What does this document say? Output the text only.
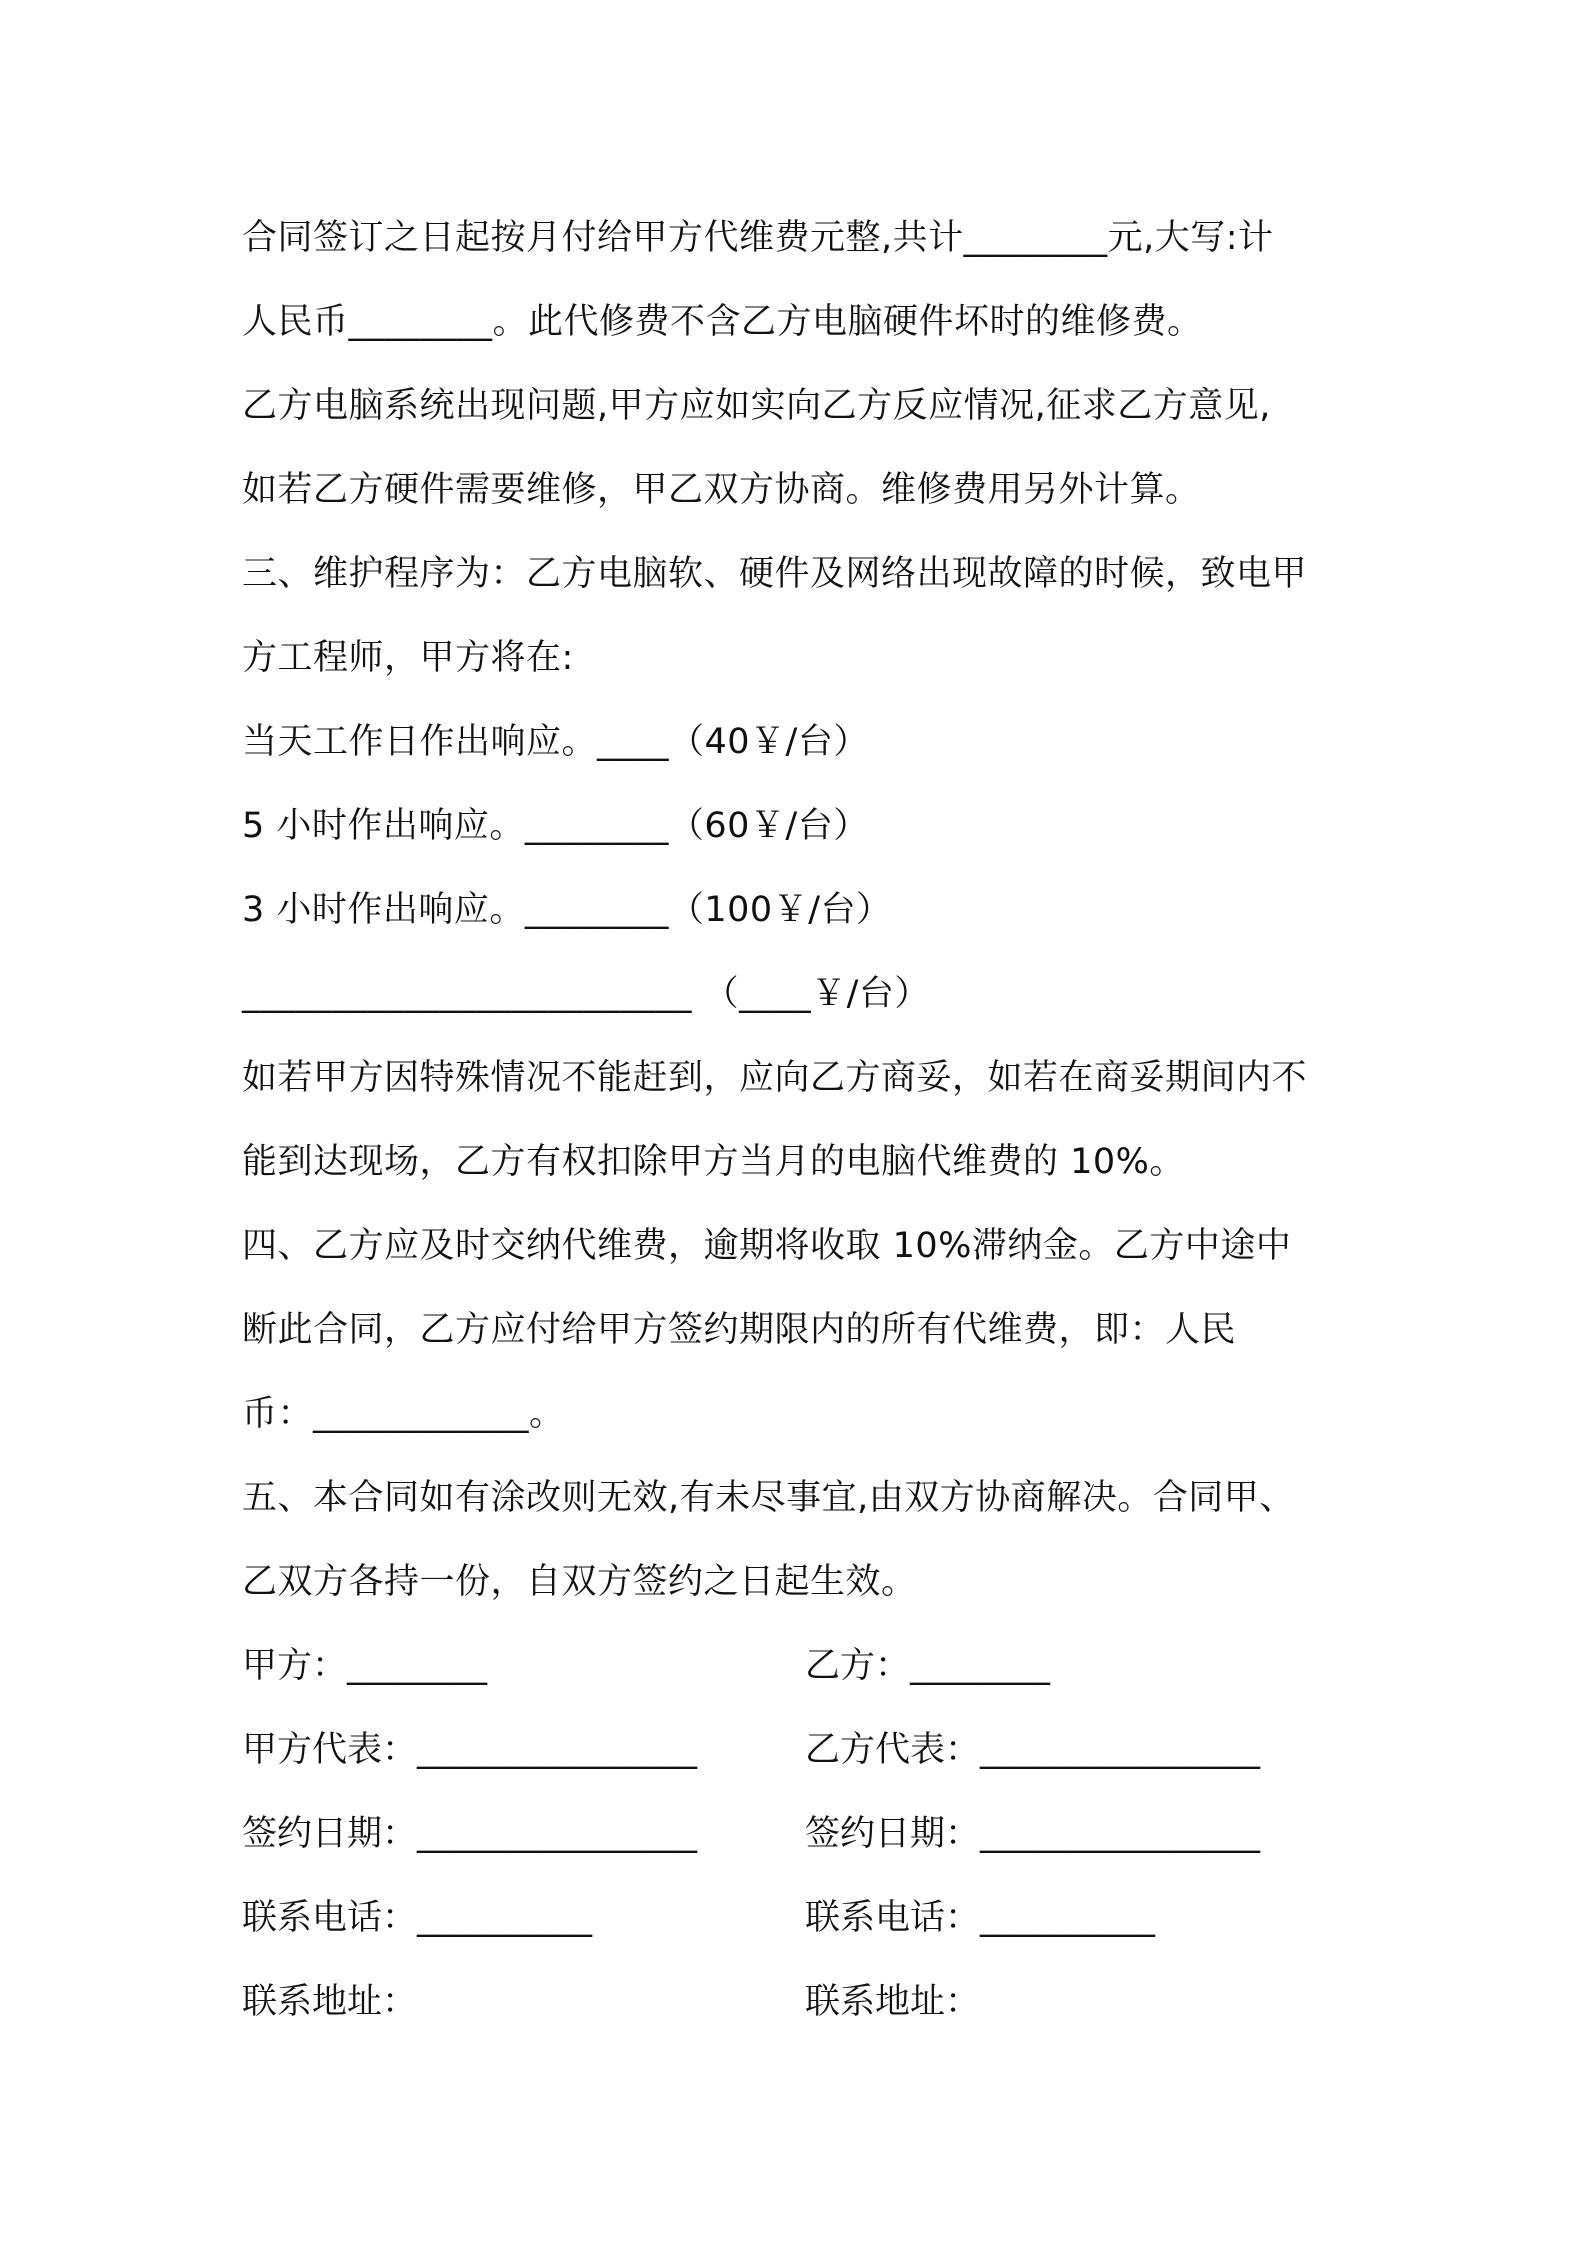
合同签订之日起按月付给甲方代维费元整,共计________元,大写:计
人民币________。此代修费不含乙方电脑硬件坏时的维修费。
乙方电脑系统出现问题,甲方应如实向乙方反应情况,征求乙方意见,
如若乙方硬件需要维修，甲乙双方协商。维修费用另外计算。
三、维护程序为：乙方电脑软、硬件及网络出现故障的时候，致电甲
方工程师，甲方将在:
当天工作日作出响应。____（40￥/台）
5 小时作出响应。________（60￥/台）
3 小时作出响应。________（100￥/台）
_________________________ （____￥/台）
如若甲方因特殊情况不能赶到，应向乙方商妥，如若在商妥期间内不
能到达现场，乙方有权扣除甲方当月的电脑代维费的 10%。
四、乙方应及时交纳代维费，逾期将收取 10%滞纳金。乙方中途中
断此合同，乙方应付给甲方签约期限内的所有代维费，即：人民
币：____________。
五、本合同如有涂改则无效,有未尽事宜,由双方协商解决。合同甲、
乙双方各持一份，自双方签约之日起生效。
甲方：________	乙方：________
甲方代表：________________	乙方代表：________________
签约日期：________________	签约日期：________________
联系电话：__________	联系电话：__________
联系地址：	联系地址：
